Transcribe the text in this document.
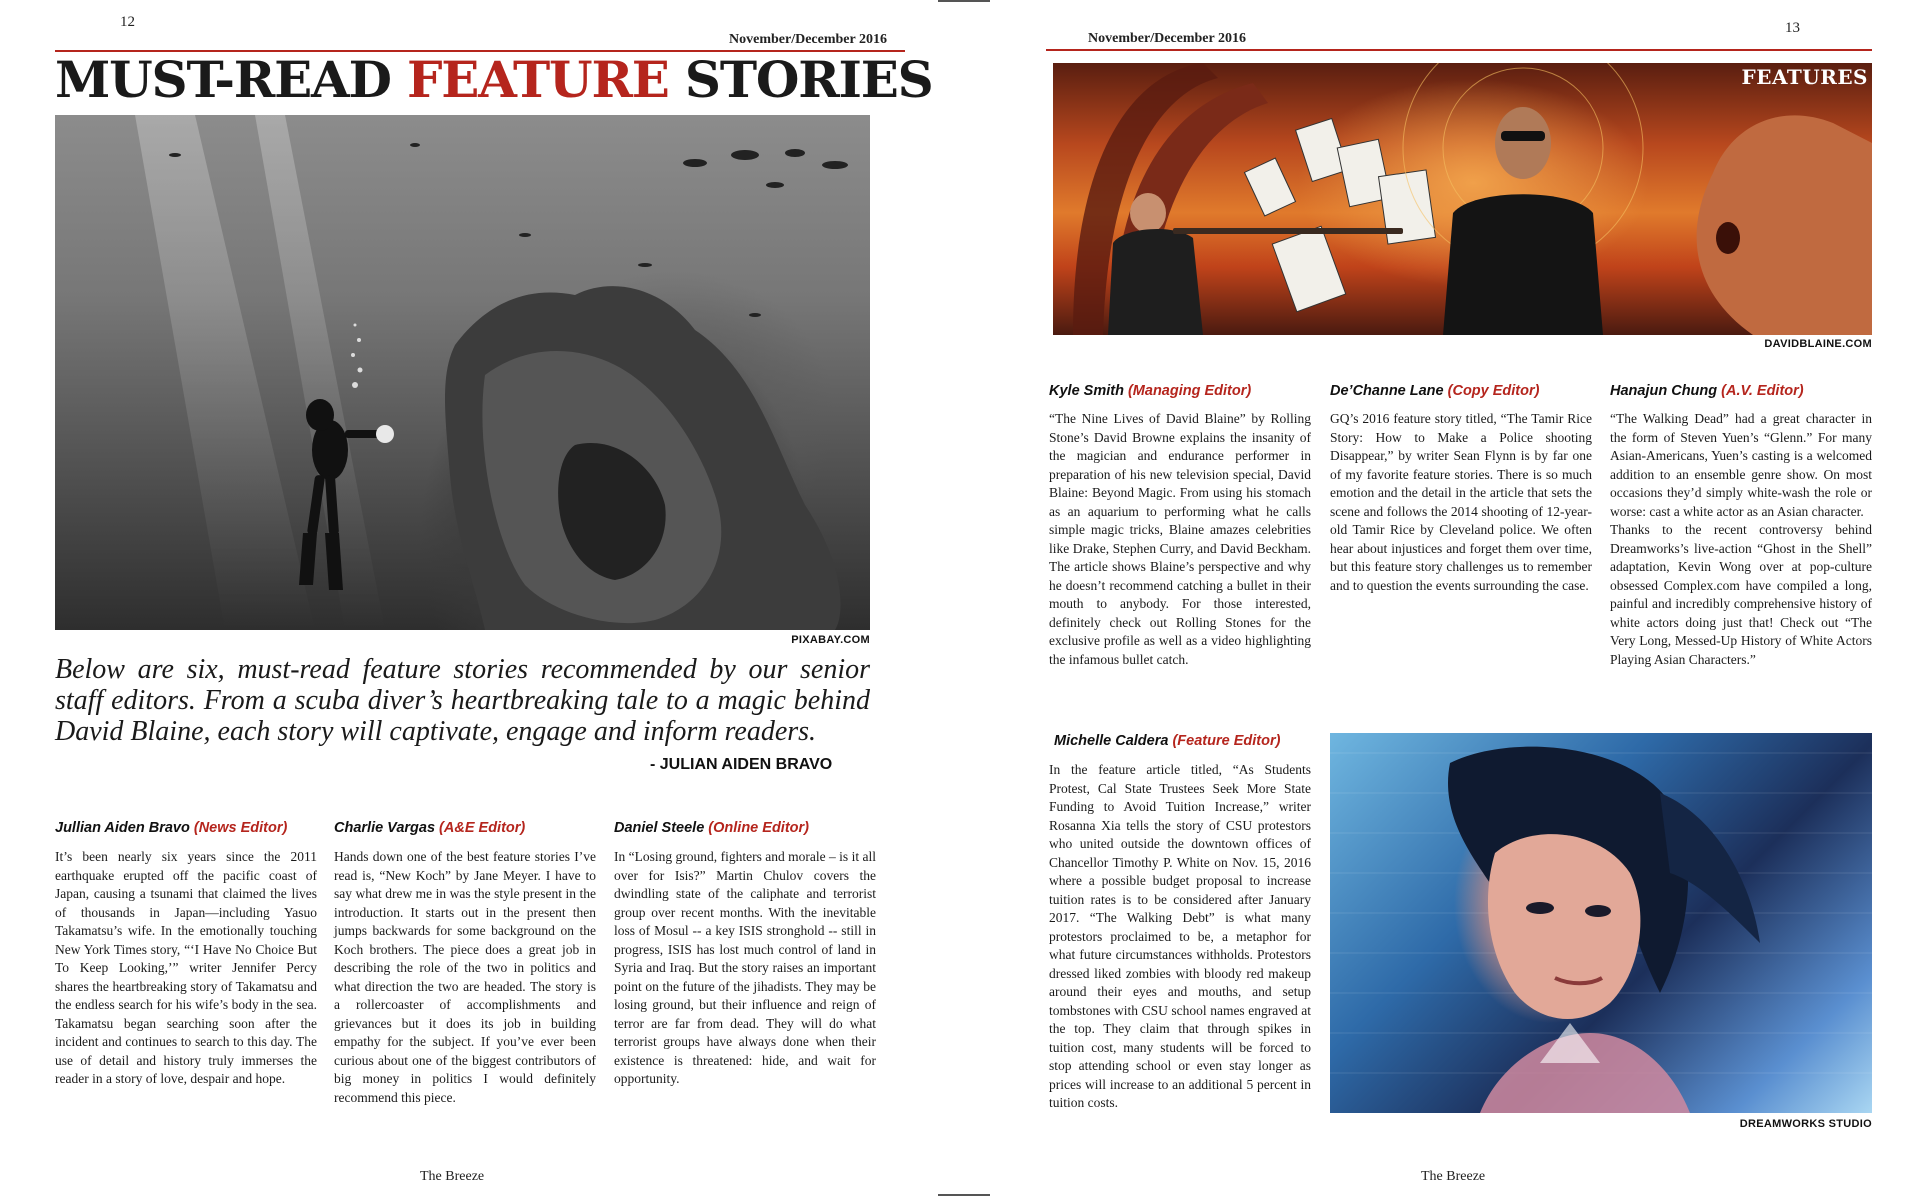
12
November/December 2016
MUST-READ FEATURE STORIES
PIXABAY.COM
Below are six, must-read feature stories recommended by our senior staff editors. From a scuba diver’s heartbreaking tale to a magic behind David Blaine, each story will captivate, engage and inform readers.
- JULIAN AIDEN BRAVO
Jullian Aiden Bravo (News Editor)
It’s been nearly six years since the 2011 earthquake erupted off the pacific coast of Japan, causing a tsunami that claimed the lives of thousands in Japan—including Yasuo Takamatsu’s wife. In the emotionally touching New York Times story, “‘I Have No Choice But To Keep Looking,’” writer Jennifer Percy shares the heartbreaking story of Takamatsu and the endless search for his wife’s body in the sea. Takamatsu began searching soon after the incident and continues to search to this day. The use of detail and history truly immerses the reader in a story of love, despair and hope.
Charlie Vargas (A&E Editor)
Hands down one of the best feature stories I’ve read is, “New Koch” by Jane Meyer. I have to say what drew me in was the style present in the introduction. It starts out in the present then jumps backwards for some background on the Koch brothers. The piece does a great job in describing the role of the two in politics and what direction the two are headed. The story is a rollercoaster of accomplishments and grievances but it does its job in building empathy for the subject. If you’ve ever been curious about one of the biggest contributors of big money in politics I would definitely recommend this piece.
Daniel Steele (Online Editor)
In “Losing ground, fighters and morale – is it all over for Isis?” Martin Chulov covers the dwindling state of the caliphate and terrorist group over recent months. With the inevitable loss of Mosul -- a key ISIS stronghold -- still in progress, ISIS has lost much control of land in Syria and Iraq. But the story raises an important point on the future of the jihadists. They may be losing ground, but their influence and reign of terror are far from dead. They will do what terrorist groups have always done when their existence is threatened: hide, and wait for opportunity.
The Breeze
13
November/December 2016
FEATURES
DAVIDBLAINE.COM
Kyle Smith (Managing Editor)
“The Nine Lives of David Blaine” by Rolling Stone’s David Browne explains the insanity of the magician and endurance performer in preparation of his new television special, David Blaine: Beyond Magic. From using his stomach as an aquarium to performing what he calls simple magic tricks, Blaine amazes celebrities like Drake, Stephen Curry, and David Beckham. The article shows Blaine’s perspective and why he doesn’t recommend catching a bullet in their mouth to anybody. For those interested, definitely check out Rolling Stones for the exclusive profile as well as a video highlighting the infamous bullet catch.
De’Channe Lane (Copy Editor)
GQ’s 2016 feature story titled, “The Tamir Rice Story: How to Make a Police shooting Disappear,” by writer Sean Flynn is by far one of my favorite feature stories. There is so much emotion and the detail in the article that sets the scene and follows the 2014 shooting of 12-year-old Tamir Rice by Cleveland police. We often hear about injustices and forget them over time, but this feature story challenges us to remember and to question the events surrounding the case.
Hanajun Chung (A.V. Editor)

“The Walking Dead” had a great character in the form of Steven Yuen’s “Glenn.” For many Asian-Americans, Yuen’s casting is a welcomed addition to an ensemble genre show. On most occasions they’d simply white-wash the role or worse: cast a white actor as an Asian character.

Thanks to the recent controversy behind Dreamworks’s live-action “Ghost in the Shell” adaptation, Kevin Wong over at pop-culture obsessed Complex.com have compiled a long, painful and incredibly comprehensive history of white actors doing just that! Check out “The Very Long, Messed-Up History of White Actors Playing Asian Characters.”

Michelle Caldera (Feature Editor)
In the feature article titled, “As Students Protest, Cal State Trustees Seek More State Funding to Avoid Tuition Increase,” writer Rosanna Xia tells the story of CSU protestors who united outside the downtown offices of Chancellor Timothy P. White on Nov. 15, 2016 where a possible budget proposal to increase tuition rates is to be considered after January 2017. “The Walking Debt” is what many protestors proclaimed to be, a metaphor for what future circumstances withholds. Protestors dressed liked zombies with bloody red makeup around their eyes and mouths, and setup tombstones with CSU school names engraved at the top. They claim that through spikes in tuition cost, many students will be forced to stop attending school or even stay longer as prices will increase to an additional 5 percent in tuition costs.
DREAMWORKS STUDIO
The Breeze
